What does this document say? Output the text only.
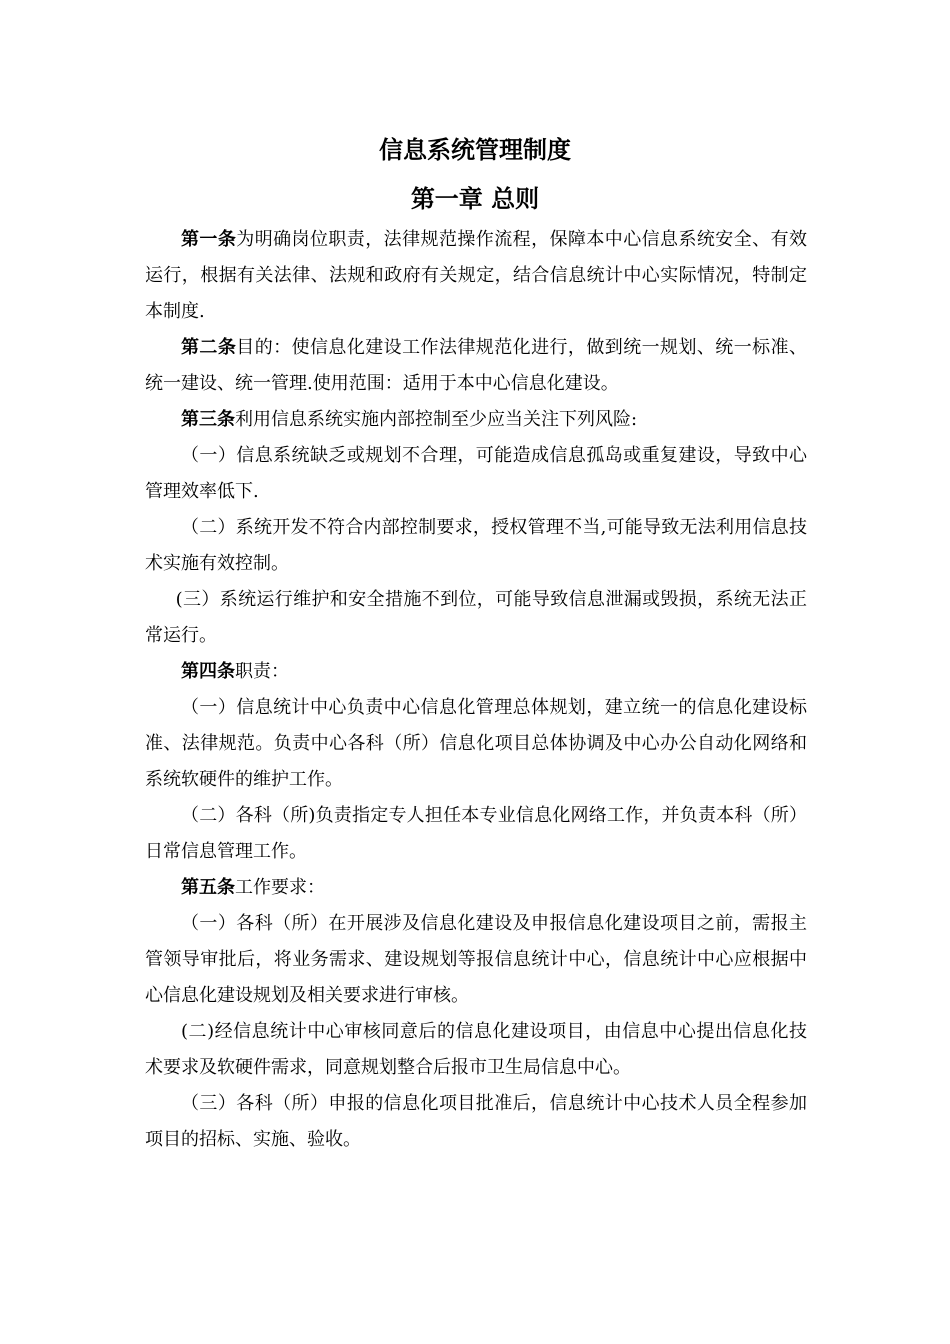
信息系统管理制度
第一章 总则

第一条为明确岗位职责，法律规范操作流程，保障本中心信息系统安全、有效运行，根据有关法律、法规和政府有关规定，结合信息统计中心实际情况，特制定本制度.

第二条目的：使信息化建设工作法律规范化进行，做到统一规划、统一标准、统一建设、统一管理.使用范围：适用于本中心信息化建设。

第三条利用信息系统实施内部控制至少应当关注下列风险:

（一）信息系统缺乏或规划不合理，可能造成信息孤岛或重复建设，导致中心管理效率低下.

（二）系统开发不符合内部控制要求，授权管理不当,可能导致无法利用信息技术实施有效控制。

(三）系统运行维护和安全措施不到位，可能导致信息泄漏或毁损，系统无法正常运行。

第四条职责：

（一）信息统计中心负责中心信息化管理总体规划，建立统一的信息化建设标准、法律规范。负责中心各科（所）信息化项目总体协调及中心办公自动化网络和系统软硬件的维护工作。

（二）各科（所)负责指定专人担任本专业信息化网络工作，并负责本科（所）日常信息管理工作。

第五条工作要求：

（一）各科（所）在开展涉及信息化建设及申报信息化建设项目之前，需报主管领导审批后，将业务需求、建设规划等报信息统计中心，信息统计中心应根据中心信息化建设规划及相关要求进行审核。

(二)经信息统计中心审核同意后的信息化建设项目，由信息中心提出信息化技术要求及软硬件需求，同意规划整合后报市卫生局信息中心。

（三）各科（所）申报的信息化项目批准后，信息统计中心技术人员全程参加项目的招标、实施、验收。
